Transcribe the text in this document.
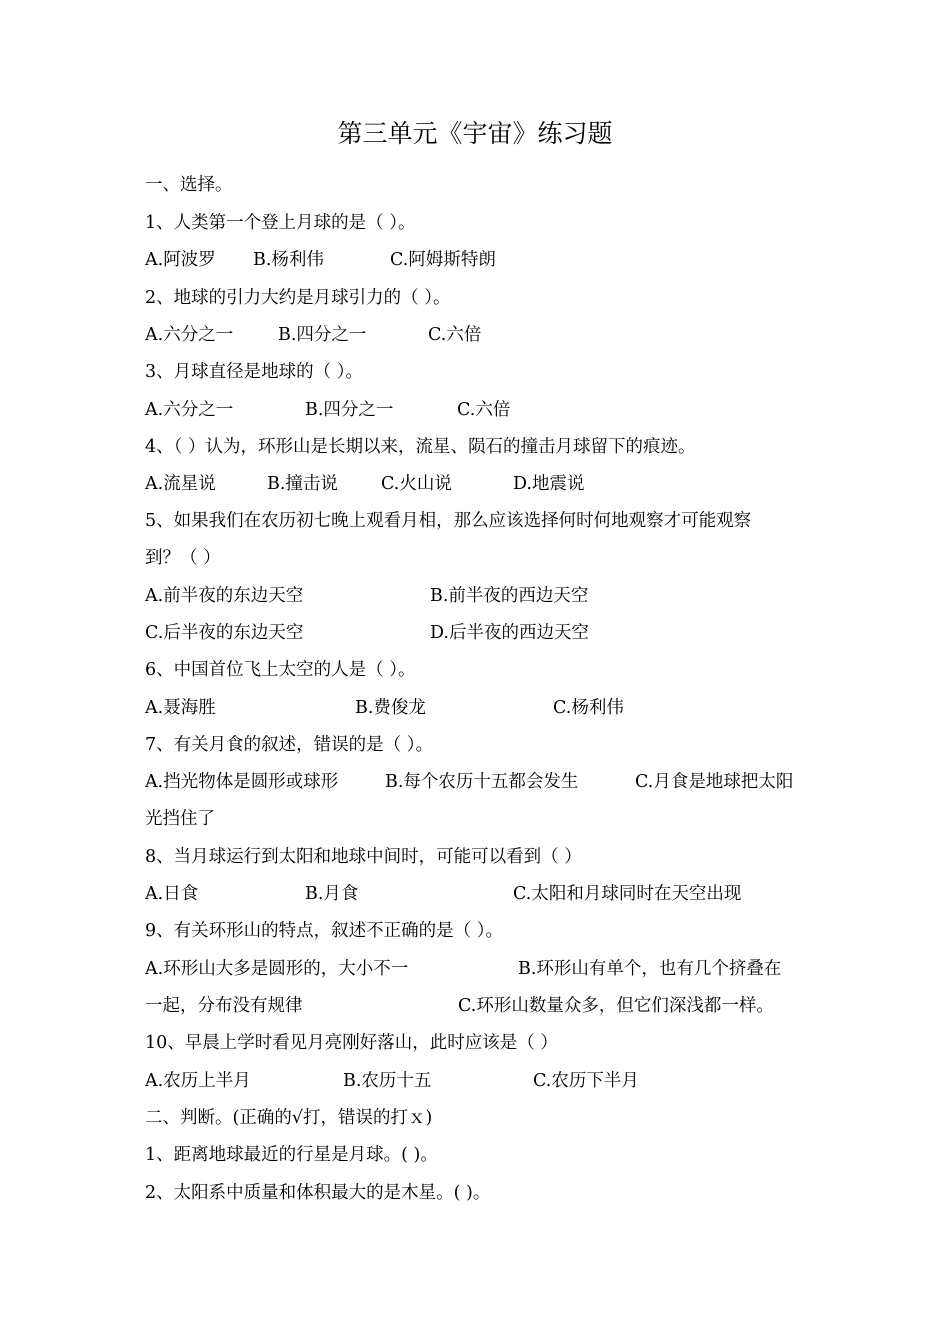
第三单元《宇宙》练习题
一、选择。
1、人类第一个登上月球的是（ ）。
A.阿波罗 B.杨利伟	C.阿姆斯特朗
2、地球的引力大约是月球引力的（ ）。
A.六分之一	B.四分之一	C.六倍
3、月球直径是地球的（ ）。
A.六分之一	B.四分之一	C.六倍
4、（ ）认为，环形山是长期以来，流星、陨石的撞击月球留下的痕迹。
A.流星说	B.撞击说 C.火山说	D.地震说
5、如果我们在农历初七晚上观看月相，那么应该选择何时何地观察才可能观察
到？（ ）
A.前半夜的东边天空	B.前半夜的西边天空
C.后半夜的东边天空	D.后半夜的西边天空
6、中国首位飞上太空的人是（ ）。
A.聂海胜	B.费俊龙	C.杨利伟
7、有关月食的叙述，错误的是（ ）。
A.挡光物体是圆形或球形	B.每个农历十五都会发生	C.月食是地球把太阳
光挡住了
8、当月球运行到太阳和地球中间时，可能可以看到（ ）
A.日食	B.月食	C.太阳和月球同时在天空出现
9、有关环形山的特点，叙述不正确的是（ ）。
A.环形山大多是圆形的，大小不一	B.环形山有单个，也有几个挤叠在
一起，分布没有规律	C.环形山数量众多，但它们深浅都一样。
10、早晨上学时看见月亮刚好落山，此时应该是（ ）
A.农历上半月	B.农历十五	C.农历下半月
二、判断。(正确的√打，错误的打ｘ)
1、距离地球最近的行星是月球。( )。
2、太阳系中质量和体积最大的是木星。( )。
